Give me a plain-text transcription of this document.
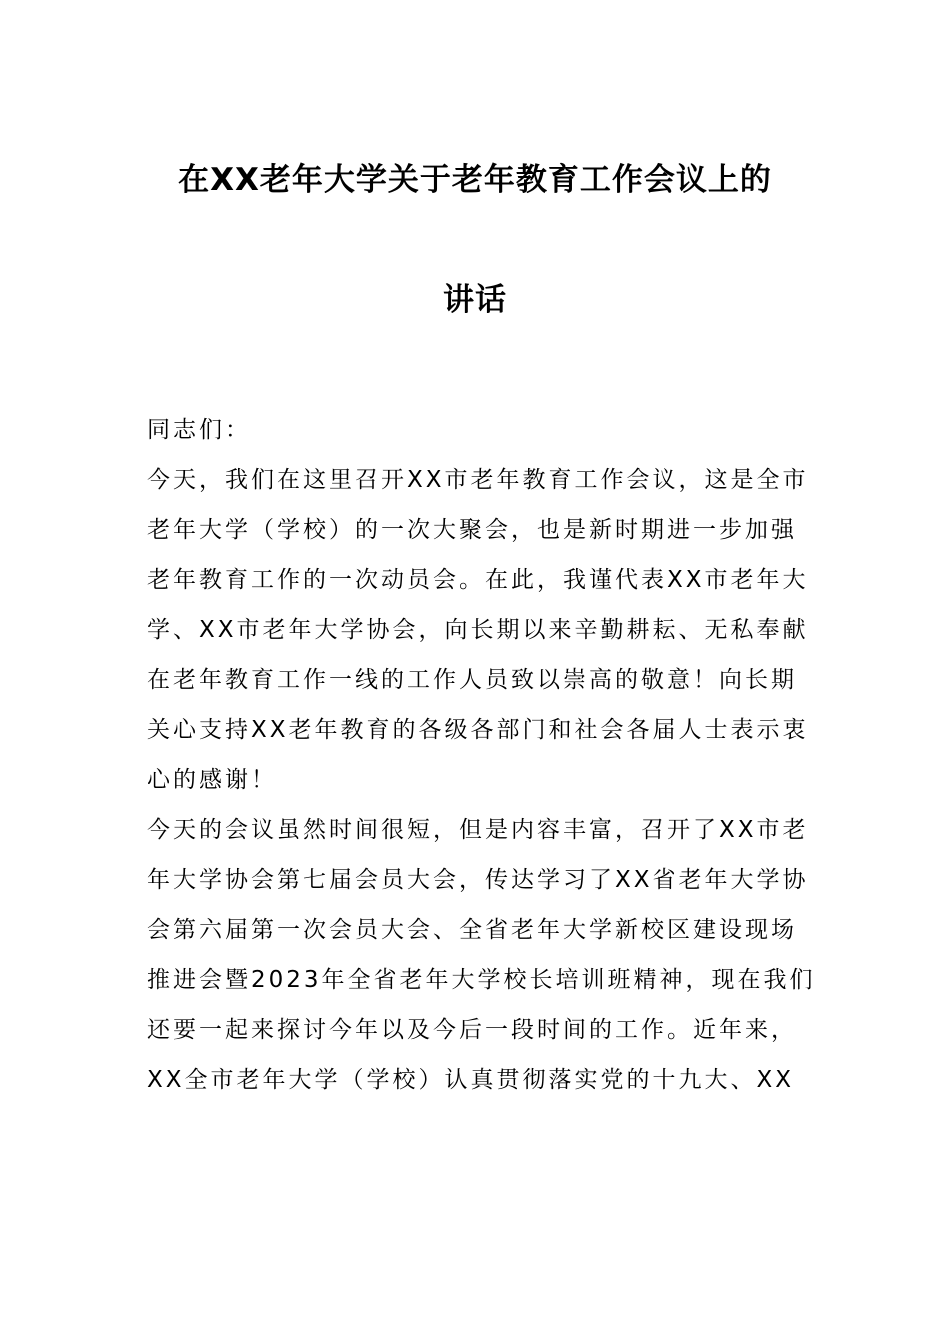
在XX老年大学关于老年教育工作会议上的
讲话
同志们：
今天，我们在这里召开XX市老年教育工作会议，这是全市
老年大学（学校）的一次大聚会，也是新时期进一步加强
老年教育工作的一次动员会。在此，我谨代表XX市老年大
学、XX市老年大学协会，向长期以来辛勤耕耘、无私奉献
在老年教育工作一线的工作人员致以崇高的敬意！向长期
关心支持XX老年教育的各级各部门和社会各届人士表示衷
心的感谢！
今天的会议虽然时间很短，但是内容丰富，召开了XX市老
年大学协会第七届会员大会，传达学习了XX省老年大学协
会第六届第一次会员大会、全省老年大学新校区建设现场
推进会暨2023年全省老年大学校长培训班精神，现在我们
还要一起来探讨今年以及今后一段时间的工作。近年来，
XX全市老年大学（学校）认真贯彻落实党的十九大、XX
